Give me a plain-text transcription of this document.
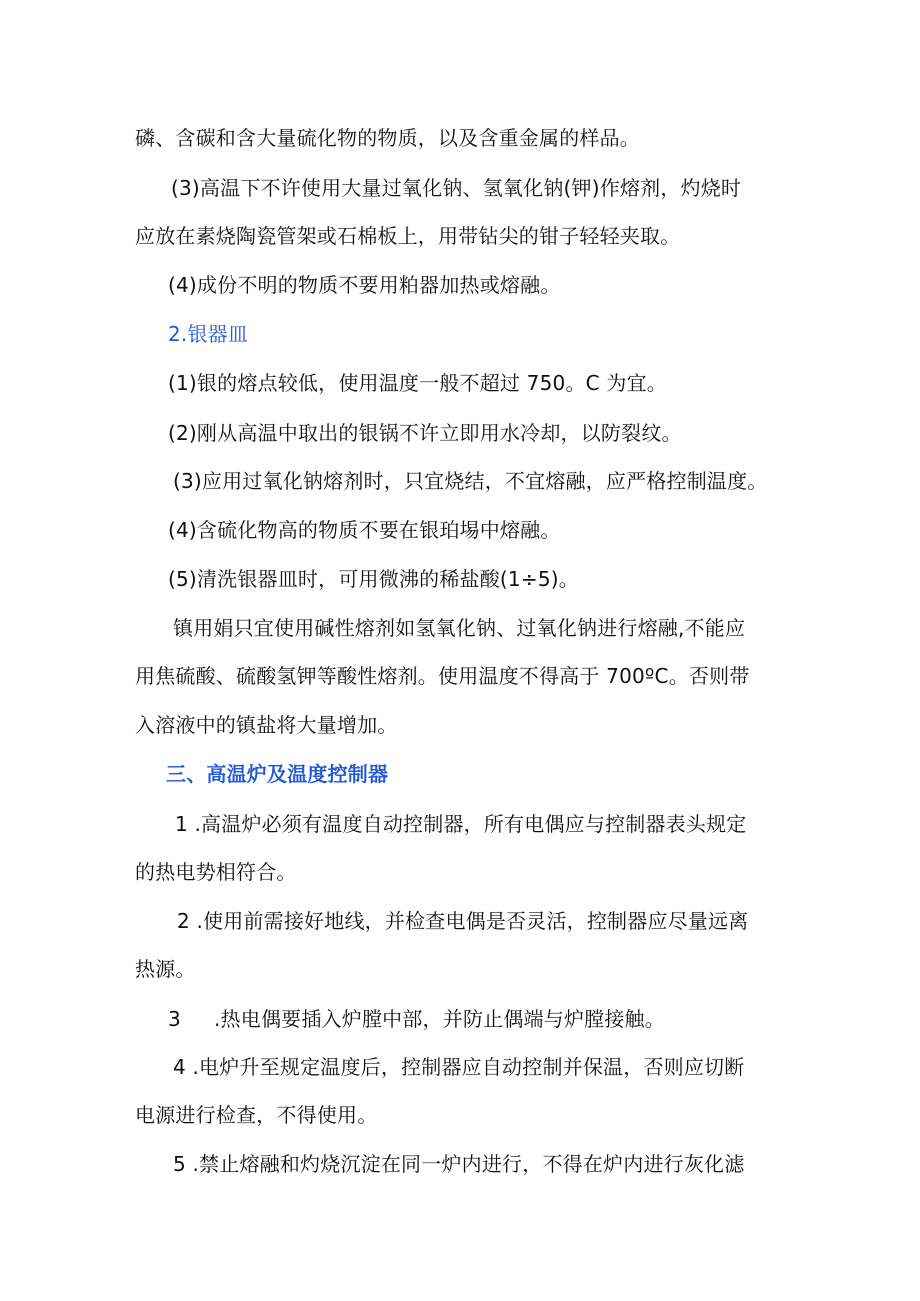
磷、含碳和含大量硫化物的物质，以及含重金属的样品。
(3)高温下不许使用大量过氧化钠、氢氧化钠(钾)作熔剂，灼烧时
应放在素烧陶瓷管架或石棉板上，用带钻尖的钳子轻轻夹取。
(4)成份不明的物质不要用粕器加热或熔融。
2.银器皿
(1)银的熔点较低，使用温度一般不超过 750。C 为宜。
(2)刚从高温中取出的银锅不许立即用水冷却，以防裂纹。
(3)应用过氧化钠熔剂时，只宜烧结，不宜熔融，应严格控制温度。
(4)含硫化物高的物质不要在银珀埸中熔融。
(5)清洗银器皿时，可用微沸的稀盐酸(1÷5)。
镇用娟只宜使用碱性熔剂如氢氧化钠、过氧化钠进行熔融,不能应
用焦硫酸、硫酸氢钾等酸性熔剂。使用温度不得高于 700ºC。否则带
入溶液中的镇盐将大量增加。
三、高温炉及温度控制器
1 .高温炉必须有温度自动控制器，所有电偶应与控制器表头规定
的热电势相符合。
2 .使用前需接好地线，并检查电偶是否灵活，控制器应尽量远离
热源。
3 .热电偶要插入炉膛中部，并防止偶端与炉膛接触。
4 .电炉升至规定温度后，控制器应自动控制并保温，否则应切断
电源进行检查，不得使用。
5 .禁止熔融和灼烧沉淀在同一炉内进行，不得在炉内进行灰化滤
